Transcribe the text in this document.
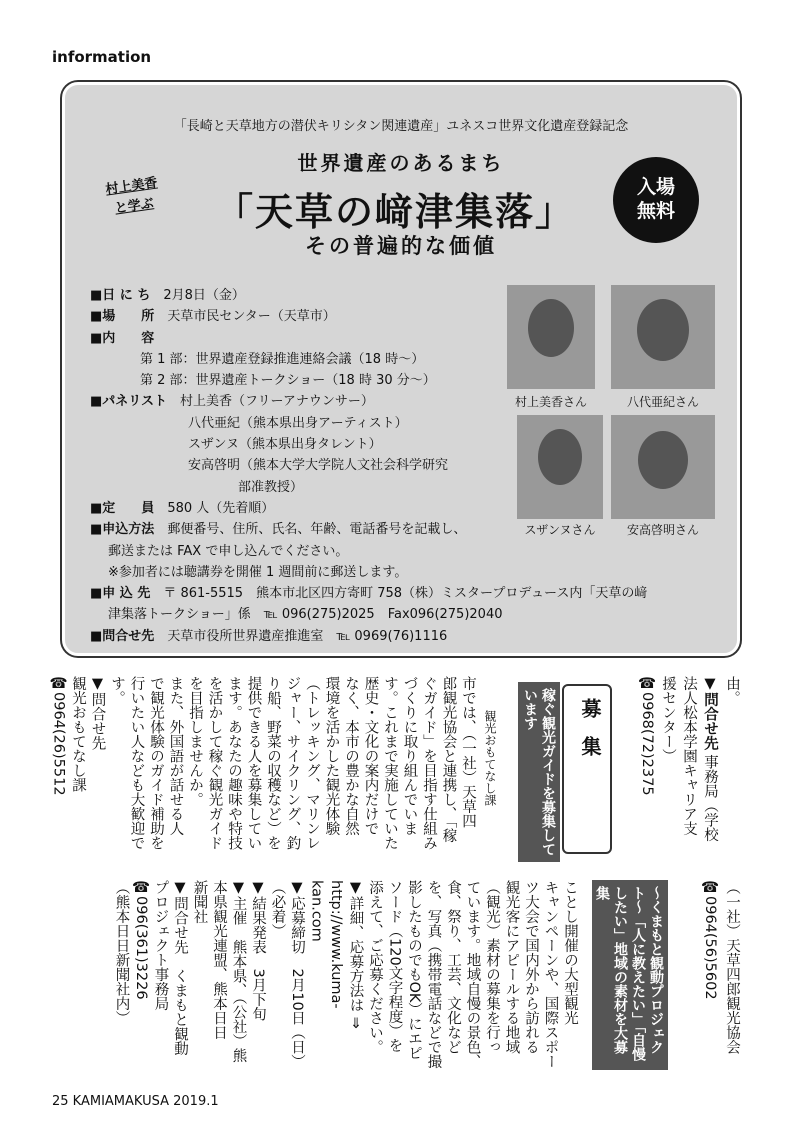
information
「長崎と天草地方の潜伏キリシタン関連遺産」ユネスコ世界文化遺産登録記念
世界遺産のあるまち
村上美香
と学ぶ 「天草の﨑津集落」
その普遍的な価値
入場
無料
■日 に ち　 2月8日（金）
■場　　所　 天草市民センター（天草市）
■内　　容
第 1 部：世界遺産登録推進連絡会議（18 時〜）
第 2 部：世界遺産トークショー（18 時 30 分〜）
■パネリスト　 村上美香（フリーアナウンサー）
八代亜紀（熊本県出身アーティスト）
スザンヌ（熊本県出身タレント）
安高啓明（熊本大学大学院人文社会科学研究
部准教授）
■定　　員　 580 人（先着順）
■申込方法　 郵便番号、住所、氏名、年齢、電話番号を記載し、
郵送または FAX で申し込んでください。
※参加者には聴講券を開催 1 週間前に郵送します。
■申 込 先　 〒 861-5515　熊本市北区四方寄町 758（株）ミスタープロデュース内「天草の﨑
津集落トークショー」係　℡ 096(275)2025　Fax096(275)2040
■問合せ先　 天草市役所世界遺産推進室　℡ 0969(76)1116
村上美香さん	八代亜紀さん
スザンヌさん	安高啓明さん
由。
▼問合せ先 事務局（学校
法人松本学園キャリア支
援センター）
☎0968(72)2375
募集
稼ぐ観光ガイドを募集しています
観光おもてなし課
市では、（一社）天草四
郎観光協会と連携し、「稼
ぐガイド」を目指す仕組み
づくりに取り組んでいま
す。これまで実施していた
歴史・文化の案内だけで
なく、本市の豊かな自然
環境を活かした観光体験
（トレッキング、マリンレ
ジャー、サイクリング、釣
り船、野菜の収穫など）を
提供できる人を募集してい
ます。あなたの趣味や特技
を活かして稼ぐ観光ガイド
を目指しませんか。
また、外国語が話せる人
で観光体験のガイド補助を
行いたい人なども大歓迎で
す。
▼問合せ先
観光おもてなし課
☎0964(26)5512
（一社）天草四郎観光協会
☎0964(56)5602
〜くまもと観動プロジェクト〜「人に教えたい」「自慢したい」地域の素材を大募集
ことし開催の大型観光
キャンペーンや、国際スポー
ツ大会で国内外から訪れる
観光客にアピールする地域
（観光）素材の募集を行っ
ています。地域自慢の景色、
食、祭り、工芸、文化など
を、写真（携帯電話などで撮
影したものでもOK）にエピ
ソード（120文字程度）を
添えて、ご応募ください。
▼詳細、応募方法は ⇒
http://www.kuma-
kan.com
▼応募締切　2月10日（日）
（必着）
▼結果発表　3月下旬
▼主催　熊本県、（公社）熊
本県観光連盟、熊本日日
新聞社
▼問合せ先　くまもと観動
プロジェクト事務局
☎096(361)3226
（熊本日日新聞社内）
25 KAMIAMAKUSA 2019.1
